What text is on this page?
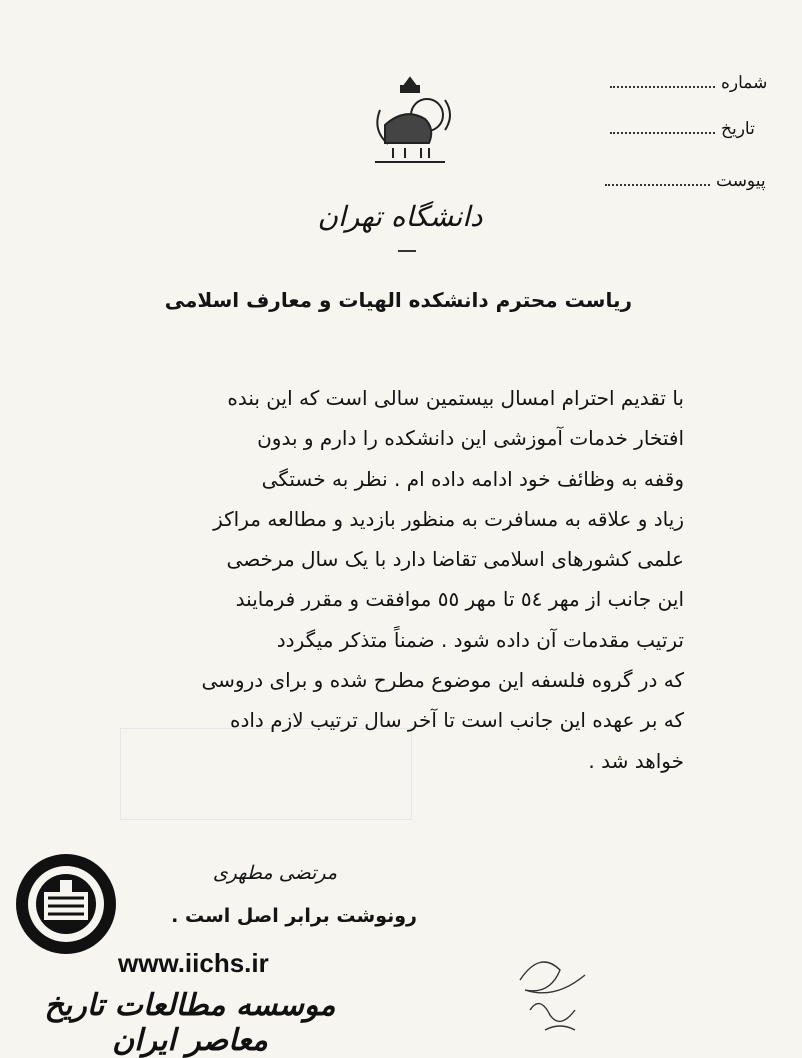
شماره
تاریخ
پیوست
دانشگاه تهران
ریاست محترم دانشکده الهیات و معارف اسلامی
با تقدیم احترام امسال بیستمین سالی است که این بنده
افتخار خدمات آموزشی این دانشکده را دارم و بدون
وقفه به وظائف خود ادامه داده ام . نظر به خستگی
زیاد و علاقه به مسافرت به منظور بازدید و مطالعه مراکز
علمی کشورهای اسلامی تقاضا دارد با یک سال مرخصی
این جانب از مهر ٥٤ تا مهر ٥٥ موافقت و مقرر فرمایند
ترتیب مقدمات آن داده شود . ضمناً متذکر میگردد
که در گروه فلسفه این موضوع مطرح شده و برای دروسی
که بر عهده این جانب است تا آخر سال ترتیب لازم داده
خواهد شد .
مرتضی مطهری
رونوشت برابر اصل است .
www.iichs.ir
موسسه مطالعات تاریخ معاصر ایران
